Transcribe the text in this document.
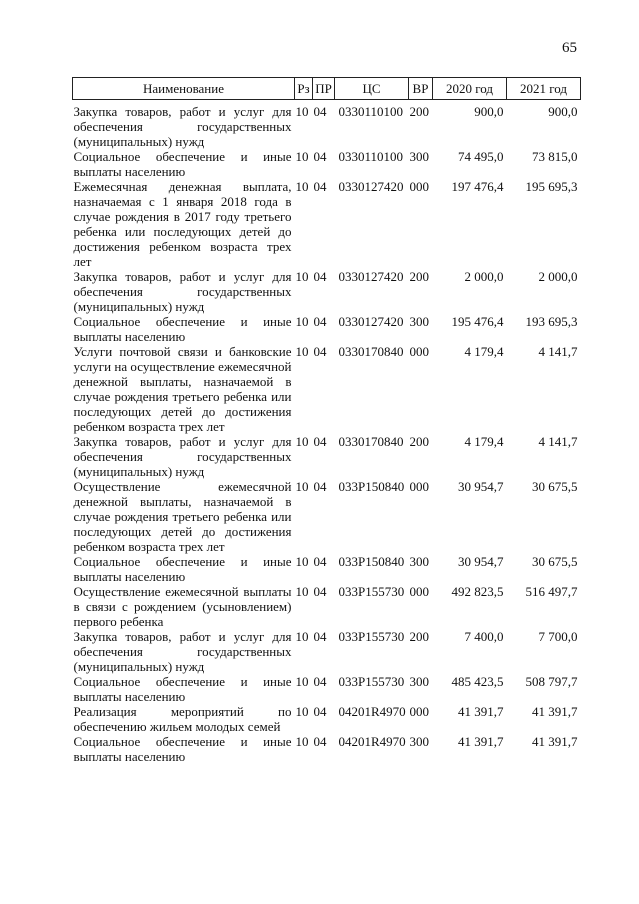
65
Наименование	Рз	ПР	ЦС	ВР	2020 год	2021 год

Закупка товаров, работ и услуг для обеспечения государственных (муниципальных) нужд	10	04	0330110100	200	900,0	900,0
Социальное обеспечение и иные выплаты населению	10	04	0330110100	300	74 495,0	73 815,0
Ежемесячная денежная выплата, назначаемая с 1 января 2018 года в случае рождения в 2017 году третьего ребенка или последующих детей до достижения ребенком возраста трех лет	10	04	0330127420	000	197 476,4	195 695,3
Закупка товаров, работ и услуг для обеспечения государственных (муниципальных) нужд	10	04	0330127420	200	2 000,0	2 000,0
Социальное обеспечение и иные выплаты населению	10	04	0330127420	300	195 476,4	193 695,3
Услуги почтовой связи и банковские услуги на осуществление ежемесячной денежной выплаты, назначаемой в случае рождения третьего ребенка или последующих детей до достижения ребенком возраста трех лет	10	04	0330170840	000	4 179,4	4 141,7
Закупка товаров, работ и услуг для обеспечения государственных (муниципальных) нужд	10	04	0330170840	200	4 179,4	4 141,7
Осуществление ежемесячной денежной выплаты, назначаемой в случае рождения третьего ребенка или последующих детей до достижения ребенком возраста трех лет	10	04	033P150840	000	30 954,7	30 675,5
Социальное обеспечение и иные выплаты населению	10	04	033P150840	300	30 954,7	30 675,5
Осуществление ежемесячной выплаты в связи с рождением (усыновлением) первого ребенка	10	04	033P155730	000	492 823,5	516 497,7
Закупка товаров, работ и услуг для обеспечения государственных (муниципальных) нужд	10	04	033P155730	200	7 400,0	7 700,0
Социальное обеспечение и иные выплаты населению	10	04	033P155730	300	485 423,5	508 797,7
Реализация мероприятий по обеспечению жильем молодых семей	10	04	04201R4970	000	41 391,7	41 391,7
Социальное обеспечение и иные выплаты населению	10	04	04201R4970	300	41 391,7	41 391,7
